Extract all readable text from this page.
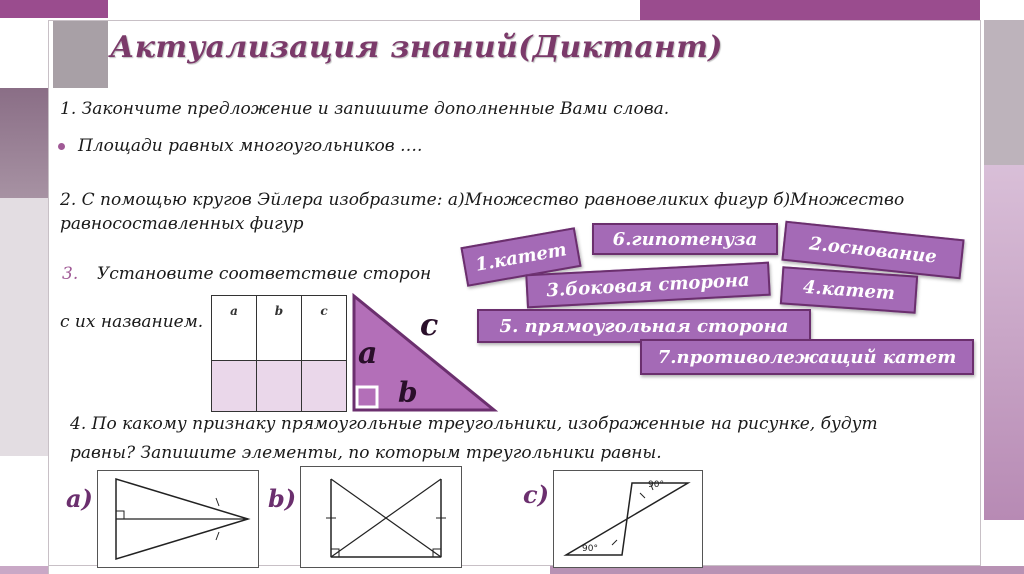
Актуализация знаний(Диктант)
1. Закончите предложение и запишите дополненные Вами слова.
Площади равных многоугольников ….
2. С помощью кругов Эйлера изобразите: а)Множество равновеликих фигур б)Множество
равносоставленных фигур
3. Установите соответствие сторон
с их названием.
a	b	c

a
b
c
1.катет	6.гипотенуза	2.основание
3.боковая сторона	4.катет
5. прямоугольная сторона
7.противолежащий катет
4. По какому признаку прямоугольные треугольники, изображенные на рисунке, будут
равны? Запишите элементы, по которым треугольники равны.
а)	b)	c)	90°
90°
